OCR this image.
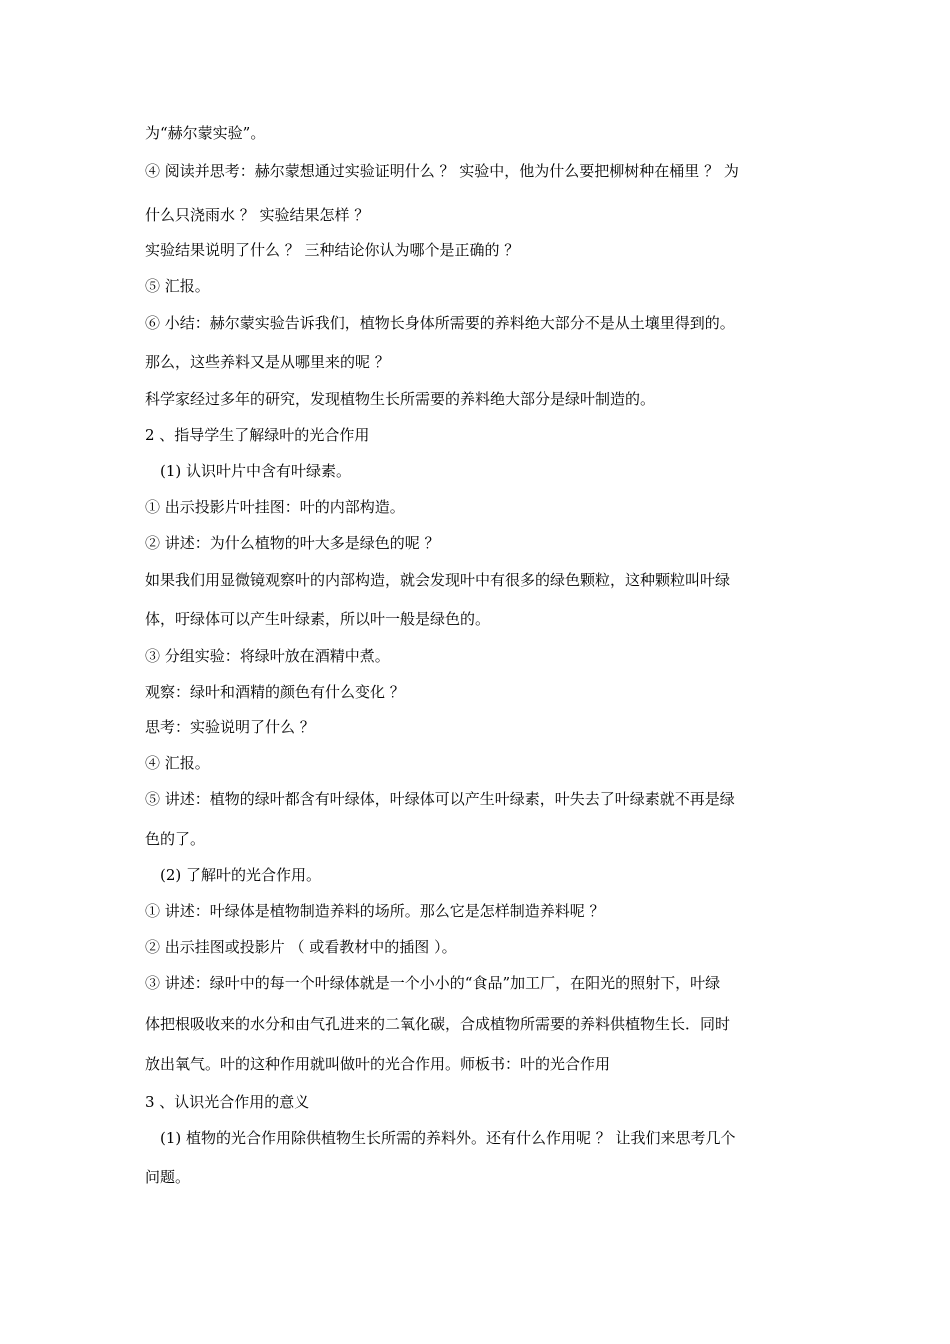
为“赫尔蒙实验”。
④ 阅读并思考：赫尔蒙想通过实验证明什么 ？ 实验中，他为什么要把柳树种在桶里 ？ 为
什么只浇雨水 ？ 实验结果怎样 ？
实验结果说明了什么 ？ 三种结论你认为哪个是正确的 ？
⑤ 汇报。
⑥ 小结：赫尔蒙实验告诉我们，植物长身体所需要的养料绝大部分不是从土壤里得到的。
那么，这些养料又是从哪里来的呢 ？
科学家经过多年的研究，发现植物生长所需要的养料绝大部分是绿叶制造的。
2 、指导学生了解绿叶的光合作用
(1) 认识叶片中含有叶绿素。
① 出示投影片叶挂图：叶的内部构造。
② 讲述：为什么植物的叶大多是绿色的呢 ？
如果我们用显微镜观察叶的内部构造，就会发现叶中有很多的绿色颗粒，这种颗粒叫叶绿
体，吁绿体可以产生叶绿素，所以叶一般是绿色的。
③ 分组实验：将绿叶放在酒精中煮。
观察：绿叶和酒精的颜色有什么变化 ？
思考：实验说明了什么 ？
④ 汇报。
⑤ 讲述：植物的绿叶都含有叶绿体，叶绿体可以产生叶绿素，叶失去了叶绿素就不再是绿
色的了。
(2) 了解叶的光合作用。
① 讲述：叶绿体是植物制造养料的场所。那么它是怎样制造养料呢 ？
② 出示挂图或投影片 （ 或看教材中的插图 ）。
③ 讲述：绿叶中的每一个叶绿体就是一个小小的“食品”加工厂，在阳光的照射下，叶绿
体把根吸收来的水分和由气孔进来的二氧化碳，合成植物所需要的养料供植物生长．同时
放出氧气。叶的这种作用就叫做叶的光合作用。师板书：叶的光合作用
3 、认识光合作用的意义
(1) 植物的光合作用除供植物生长所需的养料外。还有什么作用呢 ？ 让我们来思考几个
问题。
